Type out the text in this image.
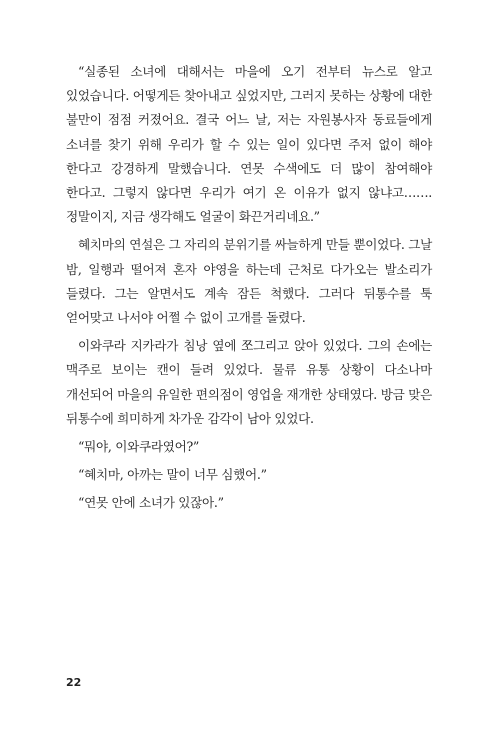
“실종된 소녀에 대해서는 마을에 오기 전부터 뉴스로 알고 있었습니다. 어떻게든 찾아내고 싶었지만, 그러지 못하는 상황에 대한 불만이 점점 커졌어요. 결국 어느 날, 저는 자원봉사자 동료들에게 소녀를 찾기 위해 우리가 할 수 있는 일이 있다면 주저 없이 해야 한다고 강경하게 말했습니다. 연못 수색에도 더 많이 참여해야 한다고. 그렇지 않다면 우리가 여기 온 이유가 없지 않냐고……. 정말이지, 지금 생각해도 얼굴이 화끈거리네요.”

혜치마의 연설은 그 자리의 분위기를 싸늘하게 만들 뿐이었다. 그날 밤, 일행과 떨어져 혼자 야영을 하는데 근처로 다가오는 발소리가 들렸다. 그는 알면서도 계속 잠든 척했다. 그러다 뒤통수를 툭 얻어맞고 나서야 어쩔 수 없이 고개를 돌렸다.

이와쿠라 지카라가 침낭 옆에 쪼그리고 앉아 있었다. 그의 손에는 맥주로 보이는 캔이 들려 있었다. 물류 유통 상황이 다소나마 개선되어 마을의 유일한 편의점이 영업을 재개한 상태였다. 방금 맞은 뒤통수에 희미하게 차가운 감각이 남아 있었다.

“뭐야, 이와쿠라였어?”

“혜치마, 아까는 말이 너무 심했어.”

“연못 안에 소녀가 있잖아.”

22
